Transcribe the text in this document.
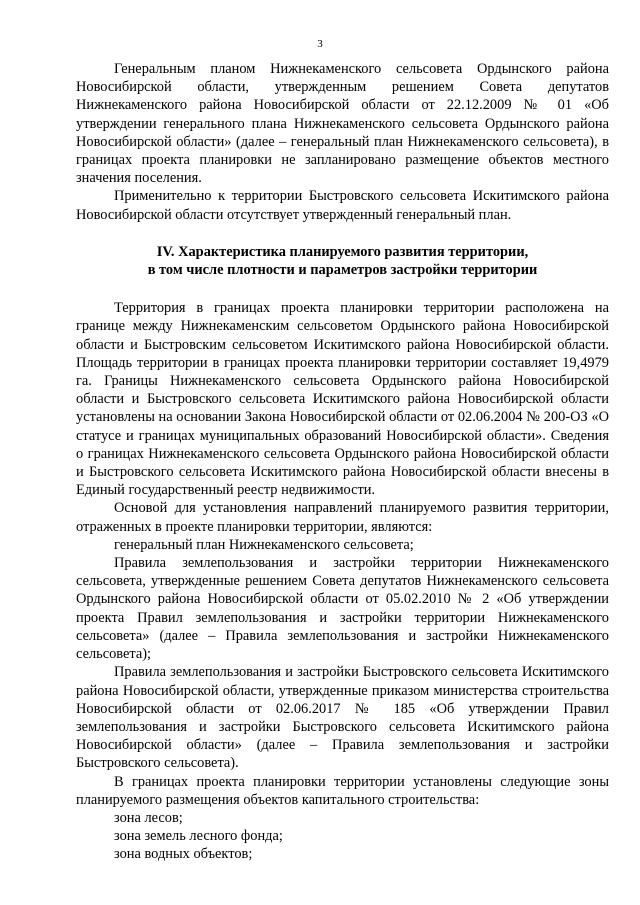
3

Генеральным планом Нижнекаменского сельсовета Ордынского района Новосибирской области, утвержденным решением Совета депутатов Нижнекаменского района Новосибирской области от 22.12.2009 № 01 «Об утверждении генерального плана Нижнекаменского сельсовета Ордынского района Новосибирской области» (далее – генеральный план Нижнекаменского сельсовета), в границах проекта планировки не запланировано размещение объектов местного значения поселения.

Применительно к территории Быстровского сельсовета Искитимского района Новосибирской области отсутствует утвержденный генеральный план.

IV. Характеристика планируемого развития территории,
в том числе плотности и параметров застройки территории

Территория в границах проекта планировки территории расположена на границе между Нижнекаменским сельсоветом Ордынского района Новосибирской области и Быстровским сельсоветом Искитимского района Новосибирской области. Площадь территории в границах проекта планировки территории составляет 19,4979 га. Границы Нижнекаменского сельсовета Ордынского района Новосибирской области и Быстровского сельсовета Искитимского района Новосибирской области установлены на основании Закона Новосибирской области от 02.06.2004 № 200-ОЗ «О статусе и границах муниципальных образований Новосибирской области». Сведения о границах Нижнекаменского сельсовета Ордынского района Новосибирской области и Быстровского сельсовета Искитимского района Новосибирской области внесены в Единый государственный реестр недвижимости.

Основой для установления направлений планируемого развития территории, отраженных в проекте планировки территории, являются:

генеральный план Нижнекаменского сельсовета;

Правила землепользования и застройки территории Нижнекаменского сельсовета, утвержденные решением Совета депутатов Нижнекаменского сельсовета Ордынского района Новосибирской области от 05.02.2010 № 2 «Об утверждении проекта Правил землепользования и застройки территории Нижнекаменского сельсовета» (далее – Правила землепользования и застройки Нижнекаменского сельсовета);

Правила землепользования и застройки Быстровского сельсовета Искитимского района Новосибирской области, утвержденные приказом министерства строительства Новосибирской области от 02.06.2017 № 185 «Об утверждении Правил землепользования и застройки Быстровского сельсовета Искитимского района Новосибирской области» (далее – Правила землепользования и застройки Быстровского сельсовета).

В границах проекта планировки территории установлены следующие зоны планируемого размещения объектов капитального строительства:

зона лесов;

зона земель лесного фонда;

зона водных объектов;
